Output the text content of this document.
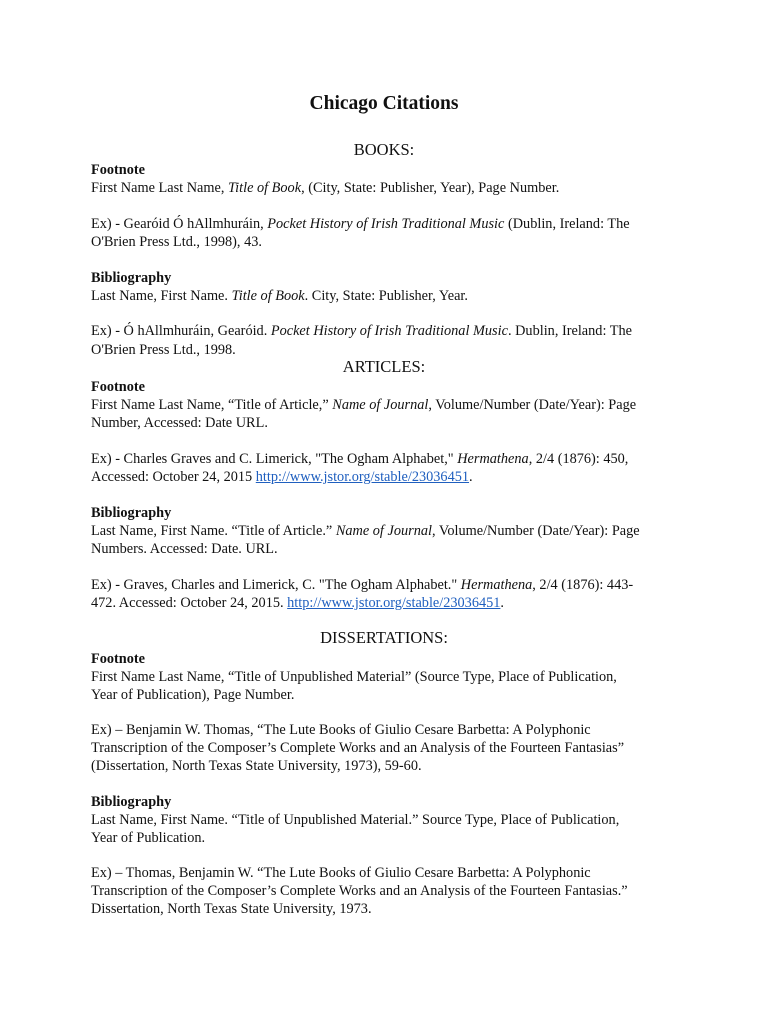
Chicago Citations
BOOKS:
Footnote
First Name Last Name, Title of Book, (City, State: Publisher, Year), Page Number.
Ex) - Gearóid Ó hAllmhuráin, Pocket History of Irish Traditional Music (Dublin, Ireland: The
O'Brien Press Ltd., 1998), 43.
Bibliography
Last Name, First Name. Title of Book. City, State: Publisher, Year.
Ex) - Ó hAllmhuráin, Gearóid. Pocket History of Irish Traditional Music. Dublin, Ireland: The
O'Brien Press Ltd., 1998.
ARTICLES:
Footnote
First Name Last Name, “Title of Article,” Name of Journal, Volume/Number (Date/Year): Page
Number, Accessed: Date URL.
Ex) - Charles Graves and C. Limerick, "The Ogham Alphabet," Hermathena, 2/4 (1876): 450,
Accessed: October 24, 2015 http://www.jstor.org/stable/23036451.
Bibliography
Last Name, First Name. “Title of Article.” Name of Journal, Volume/Number (Date/Year): Page
Numbers. Accessed: Date. URL.
Ex) - Graves, Charles and Limerick, C. "The Ogham Alphabet." Hermathena, 2/4 (1876): 443-
472. Accessed: October 24, 2015. http://www.jstor.org/stable/23036451.
DISSERTATIONS:
Footnote
First Name Last Name, “Title of Unpublished Material” (Source Type, Place of Publication,
Year of Publication), Page Number.
Ex) – Benjamin W. Thomas, “The Lute Books of Giulio Cesare Barbetta: A Polyphonic
Transcription of the Composer’s Complete Works and an Analysis of the Fourteen Fantasias”
(Dissertation, North Texas State University, 1973), 59-60.
Bibliography
Last Name, First Name. “Title of Unpublished Material.” Source Type, Place of Publication,
Year of Publication.
Ex) – Thomas, Benjamin W. “The Lute Books of Giulio Cesare Barbetta: A Polyphonic
Transcription of the Composer’s Complete Works and an Analysis of the Fourteen Fantasias.”
Dissertation, North Texas State University, 1973.
